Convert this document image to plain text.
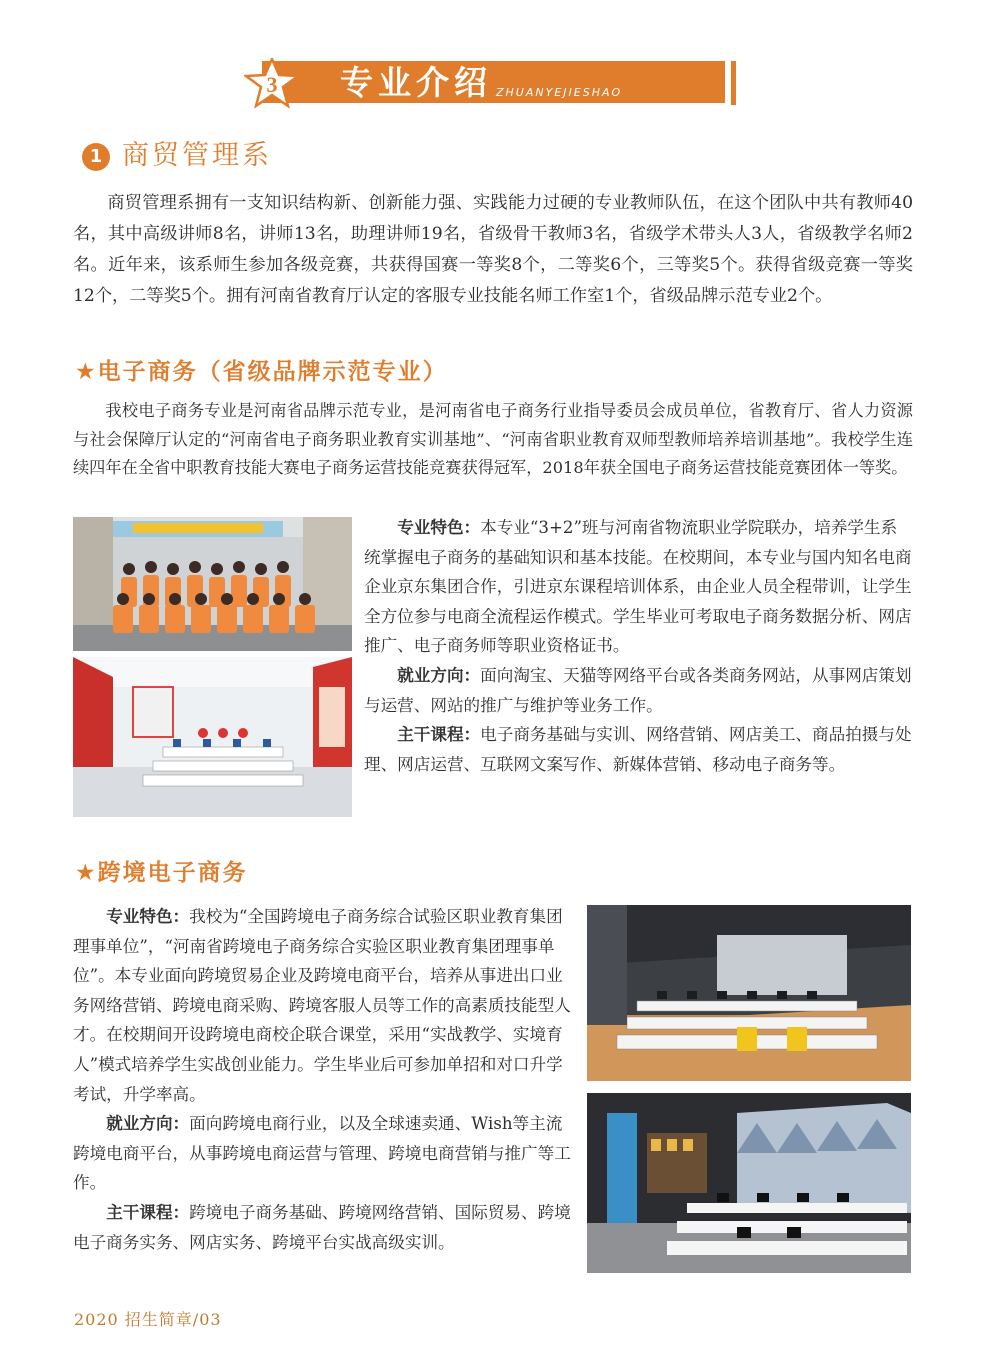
3 专业介绍 ZHUANYEJIESHAO
1 商贸管理系
商贸管理系拥有一支知识结构新、创新能力强、实践能力过硬的专业教师队伍，在这个团队中共有教师40名，其中高级讲师8名，讲师13名，助理讲师19名，省级骨干教师3名，省级学术带头人3人，省级教学名师2名。近年来，该系师生参加各级竞赛，共获得国赛一等奖8个，二等奖6个，三等奖5个。获得省级竞赛一等奖12个，二等奖5个。拥有河南省教育厅认定的客服专业技能名师工作室1个，省级品牌示范专业2个。
★电子商务（省级品牌示范专业）
我校电子商务专业是河南省品牌示范专业，是河南省电子商务行业指导委员会成员单位，省教育厅、省人力资源与社会保障厅认定的“河南省电子商务职业教育实训基地”、“河南省职业教育双师型教师培养培训基地”。我校学生连续四年在全省中职教育技能大赛电子商务运营技能竞赛获得冠军，2018年获全国电子商务运营技能竞赛团体一等奖。

专业特色：本专业“3+2”班与河南省物流职业学院联办，培养学生系统掌握电子商务的基础知识和基本技能。在校期间，本专业与国内知名电商企业京东集团合作，引进京东课程培训体系，由企业人员全程带训，让学生全方位参与电商全流程运作模式。学生毕业可考取电子商务数据分析、网店推广、电子商务师等职业资格证书。

就业方向：面向淘宝、天猫等网络平台或各类商务网站，从事网店策划与运营、网站的推广与维护等业务工作。

主干课程：电子商务基础与实训、网络营销、网店美工、商品拍摄与处理、网店运营、互联网文案写作、新媒体营销、移动电子商务等。

★跨境电子商务

专业特色：我校为“全国跨境电子商务综合试验区职业教育集团理事单位”，“河南省跨境电子商务综合实验区职业教育集团理事单位”。本专业面向跨境贸易企业及跨境电商平台，培养从事进出口业务网络营销、跨境电商采购、跨境客服人员等工作的高素质技能型人才。在校期间开设跨境电商校企联合课堂，采用“实战教学、实境育人”模式培养学生实战创业能力。学生毕业后可参加单招和对口升学考试，升学率高。

就业方向：面向跨境电商行业，以及全球速卖通、Wish等主流跨境电商平台，从事跨境电商运营与管理、跨境电商营销与推广等工作。

主干课程：跨境电子商务基础、跨境网络营销、国际贸易、跨境电子商务实务、网店实务、跨境平台实战高级实训。

2020 招生简章/03
